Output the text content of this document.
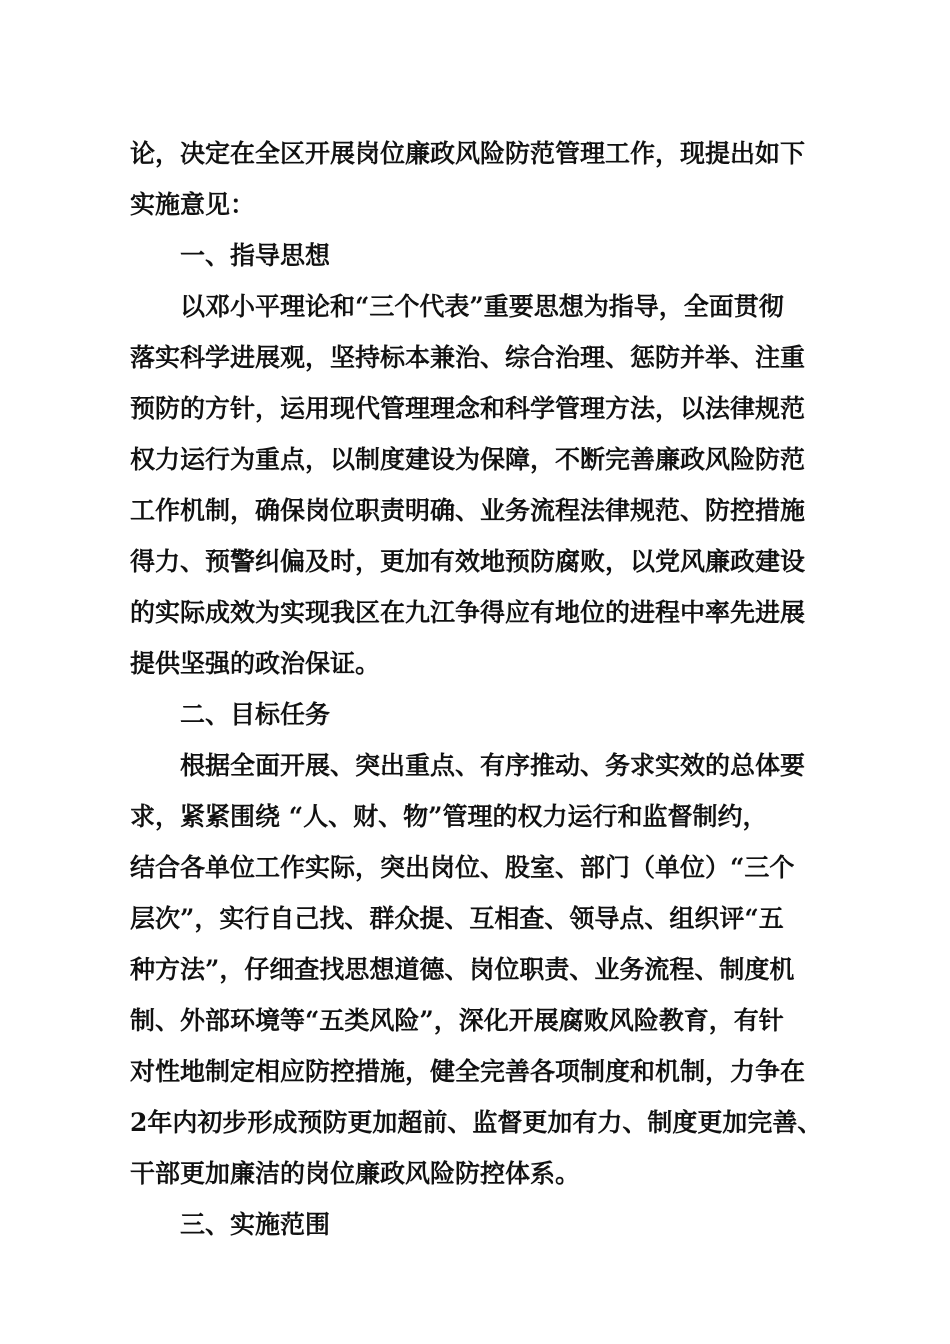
论，决定在全区开展岗位廉政风险防范管理工作，现提出如下
实施意见：
一、指导思想
以邓小平理论和“三个代表”重要思想为指导，全面贯彻
落实科学进展观，坚持标本兼治、综合治理、惩防并举、注重
预防的方针，运用现代管理理念和科学管理方法，以法律规范
权力运行为重点，以制度建设为保障，不断完善廉政风险防范
工作机制，确保岗位职责明确、业务流程法律规范、防控措施
得力、预警纠偏及时，更加有效地预防腐败，以党风廉政建设
的实际成效为实现我区在九江争得应有地位的进程中率先进展
提供坚强的政治保证。
二、目标任务
根据全面开展、突出重点、有序推动、务求实效的总体要
求，紧紧围绕 “人、财、物”管理的权力运行和监督制约，
结合各单位工作实际，突出岗位、股室、部门（单位）“三个
层次”，实行自己找、群众提、互相查、领导点、组织评“五
种方法”，仔细查找思想道德、岗位职责、业务流程、制度机
制、外部环境等“五类风险”，深化开展腐败风险教育，有针
对性地制定相应防控措施，健全完善各项制度和机制，力争在
2年内初步形成预防更加超前、监督更加有力、制度更加完善、
干部更加廉洁的岗位廉政风险防控体系。
三、实施范围
